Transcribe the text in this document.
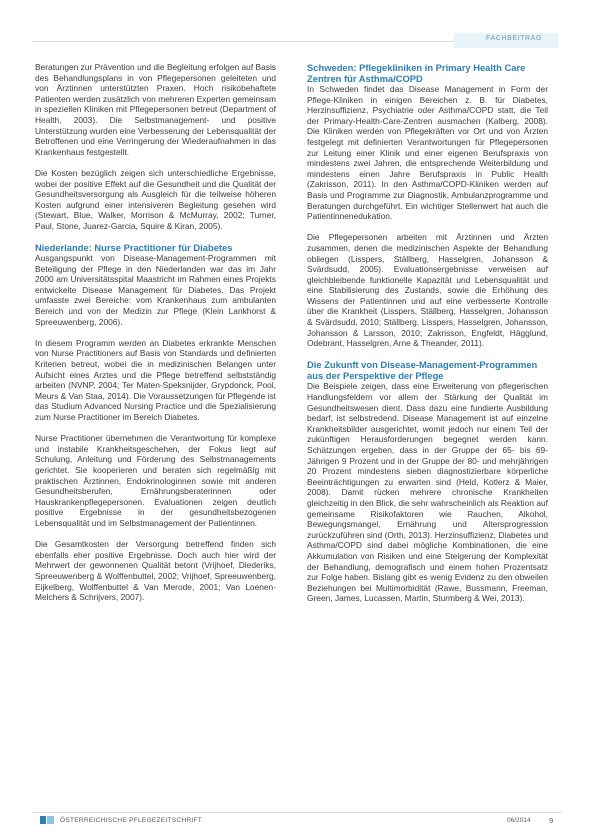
FACHBEITRAG

Beratungen zur Prävention und die Begleitung erfolgen auf Basis des Behandlungsplans in von Pflegepersonen geleiteten und von Ärztinnen unterstützten Praxen. Hoch risikobehaftete Patienten werden zusätzlich von mehreren Experten gemeinsam in speziellen Kliniken mit Pflegepersonen betreut (Department of Health, 2003). Die Selbstmanagement- und positive Unterstützung wurden eine Verbesserung der Lebensqualität der Betroffenen und eine Verringerung der Wiederaufnahmen in das Krankenhaus festgestellt.

Die Kosten bezüglich zeigen sich unterschiedliche Ergebnisse, wobei der positive Effekt auf die Gesundheit und die Qualität der Gesundheitsversorgung als Ausgleich für die teilweise höheren Kosten aufgrund einer intensiveren Begleitung gesehen wird (Stewart, Blue, Walker, Morrison & McMurray, 2002; Turner, Paul, Stone, Juarez-Garcia, Squire & Kiran, 2005).

Niederlande: Nurse Practitioner für Diabetes

Ausgangspunkt von Disease-Management-Programmen mit Beteiligung der Pflege in den Niederlanden war das im Jahr 2000 am Universitätsspital Maastricht im Rahmen eines Projekts entwickelte Disease Management für Diabetes. Das Projekt umfasste zwei Bereiche: vom Krankenhaus zum ambulanten Bereich und von der Medizin zur Pflege (Klein Lankhorst & Spreeuwenberg, 2006).

In diesem Programm werden an Diabetes erkrankte Menschen von Nurse Practitioners auf Basis von Standards und definierten Kriterien betreut, wobei die in medizinischen Belangen unter Aufsicht eines Arztes und die Pflege betreffend selbstständig arbeiten (NVNP, 2004; Ter Maten-Speksnijder, Grypdonck, Pool, Meurs & Van Staa, 2014). Die Voraussetzungen für Pflegende ist das Studium Advanced Nursing Practice und die Spezialisierung zum Nurse Practitioner im Bereich Diabetes.

Nurse Practitioner übernehmen die Verantwortung für komplexe und instabile Krankheitsgeschehen, der Fokus liegt auf Schulung, Anleitung und Förderung des Selbstmanagements gerichtet. Sie kooperieren und beraten sich regelmäßig mit praktischen Ärztinnen, Endokrinologinnen sowie mit anderen Gesundheitsberufen, Ernährungsberaterinnen oder Hauskrankenpflegepersonen. Evaluationen zeigen deutlich positive Ergebnisse in der gesundheitsbezogenen Lebensqualität und im Selbstmanagement der Patientinnen.

Die Gesamtkosten der Versorgung betreffend finden sich ebenfalls eher positive Ergebnisse. Doch auch hier wird der Mehrwert der gewonnenen Qualität betont (Vrijhoef, Diederiks, Spreeuwenberg & Wolffenbuttel, 2002; Vrijhoef, Spreeuwenberg, Eijkelberg, Wolffenbuttel & Van Merode, 2001; Van Loenen-Melchers & Schrijvers, 2007).

Schweden: Pflegekliniken in Primary Health Care Zentren für Asthma/COPD

In Schweden findet das Disease Management in Form der Pflege-Kliniken in einigen Bereichen z. B. für Diabetes, Herzinsuffizienz, Psychiatrie oder Asthma/COPD statt, die Teil der Primary-Health-Care-Zentren ausmachen (Kalberg, 2008). Die Kliniken werden von Pflegekräften vor Ort und von Ärzten festgelegt mit definierten Verantwortungen für Pflegepersonen zur Leitung einer Klinik und einer eigenen Berufspraxis von mindestens zwei Jahren, die entsprechende Weiterbildung und mindestens einen Jahre Berufspraxis in Public Health (Zakrisson, 2011). In den Asthma/COPD-Kliniken werden auf Basis und Programme zur Diagnostik, Ambulanzprogramme und Beratungen durchgeführt. Ein wichtiger Stellenwert hat auch die Patientinnenedukation.

Die Pflegepersonen arbeiten mit Ärztinnen und Ärzten zusammen, denen die medizinischen Aspekte der Behandlung obliegen (Lisspers, Ställberg, Hasselgren, Johansson & Svärdsudd, 2005). Evaluationsergebnisse verweisen auf gleichbleibende funktionelle Kapazität und Lebensqualität und eine Stabilisierung des Zustands, sowie die Erhöhung des Wissens der Patientinnen und auf eine verbesserte Kontrolle über die Krankheit (Lisspers, Ställberg, Hasselgren, Johansson & Svärdsudd, 2010; Ställberg, Lisspers, Hasselgren, Johansson, Johansson & Larsson, 2010; Zakrisson, Engfeldt, Hägglund, Odebrant, Hasselgren, Arne & Theander, 2011).

Die Zukunft von Disease-Management-Programmen aus der Perspektive der Pflege

Die Beispiele zeigen, dass eine Erweiterung von pflegerischen Handlungsfeldern vor allem der Stärkung der Qualität im Gesundheitswesen dient. Dass dazu eine fundierte Ausbildung bedarf, ist selbstredend. Disease Management ist auf einzelne Krankheitsbilder ausgerichtet, womit jedoch nur einem Teil der zukünftigen Herausforderungen begegnet werden kann. Schätzungen ergeben, dass in der Gruppe der 65- bis 69-Jährigen 9 Prozent und in der Gruppe der 80- und mehrjährigen 20 Prozent mindestens sieben diagnostizierbare körperliche Beeinträchtigungen zu erwarten sind (Held, Kotlerz & Maier, 2008). Damit rücken mehrere chronische Krankheiten gleichzeitig in den Blick, die sehr wahrscheinlich als Reaktion auf gemeinsame Risikofaktoren wie Rauchen, Alkohol, Bewegungsmangel, Ernährung und Altersprogression zurückzuführen sind (Orth, 2013). Herzinsuffizienz, Diabetes und Asthma/COPD sind dabei mögliche Kombinationen, die eine Akkumulation von Risiken und eine Steigerung der Komplexität der Behandlung, demografisch und einem hohen Prozentsatz zur Folge haben. Bislang gibt es wenig Evidenz zu den obweilen Beziehungen bei Multimorbidität (Rawe, Bussmann, Freeman, Green, James, Lucassen, Martin, Sturmberg & Wei, 2013).

ÖSTERREICHISCHE PFLEGEZEITSCHRIFT	06/2014 9
